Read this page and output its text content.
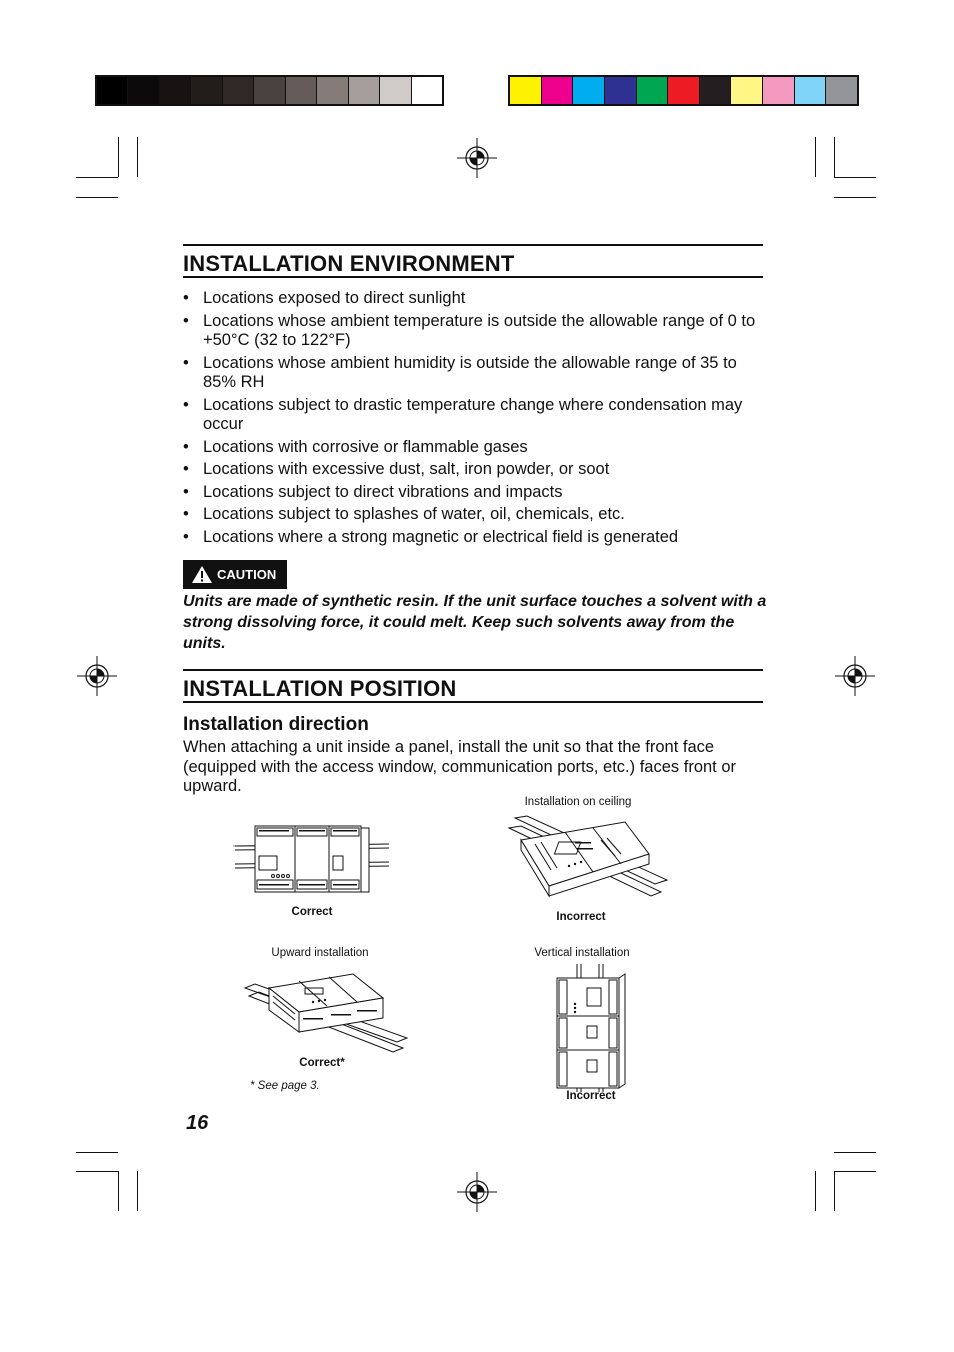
INSTALLATION ENVIRONMENT
• Locations exposed to direct sunlight
• Locations whose ambient temperature is outside the allowable range of 0 to +50°C (32 to 122°F)
• Locations whose ambient humidity is outside the allowable range of 35 to 85% RH
• Locations subject to drastic temperature change where condensation may occur
• Locations with corrosive or flammable gases
• Locations with excessive dust, salt, iron powder, or soot
• Locations subject to direct vibrations and impacts
• Locations subject to splashes of water, oil, chemicals, etc.
• Locations where a strong magnetic or electrical field is generated
CAUTION
Units are made of synthetic resin. If the unit surface touches a solvent with a strong dissolving force, it could melt. Keep such solvents away from the units.
INSTALLATION POSITION
Installation direction
When attaching a unit inside a panel, install the unit so that the front face (equipped with the access window, communication ports, etc.) faces front or upward.
Correct
Installation on ceiling
Incorrect
Upward installation
Correct*
* See page 3.
Vertical installation
Incorrect
16
